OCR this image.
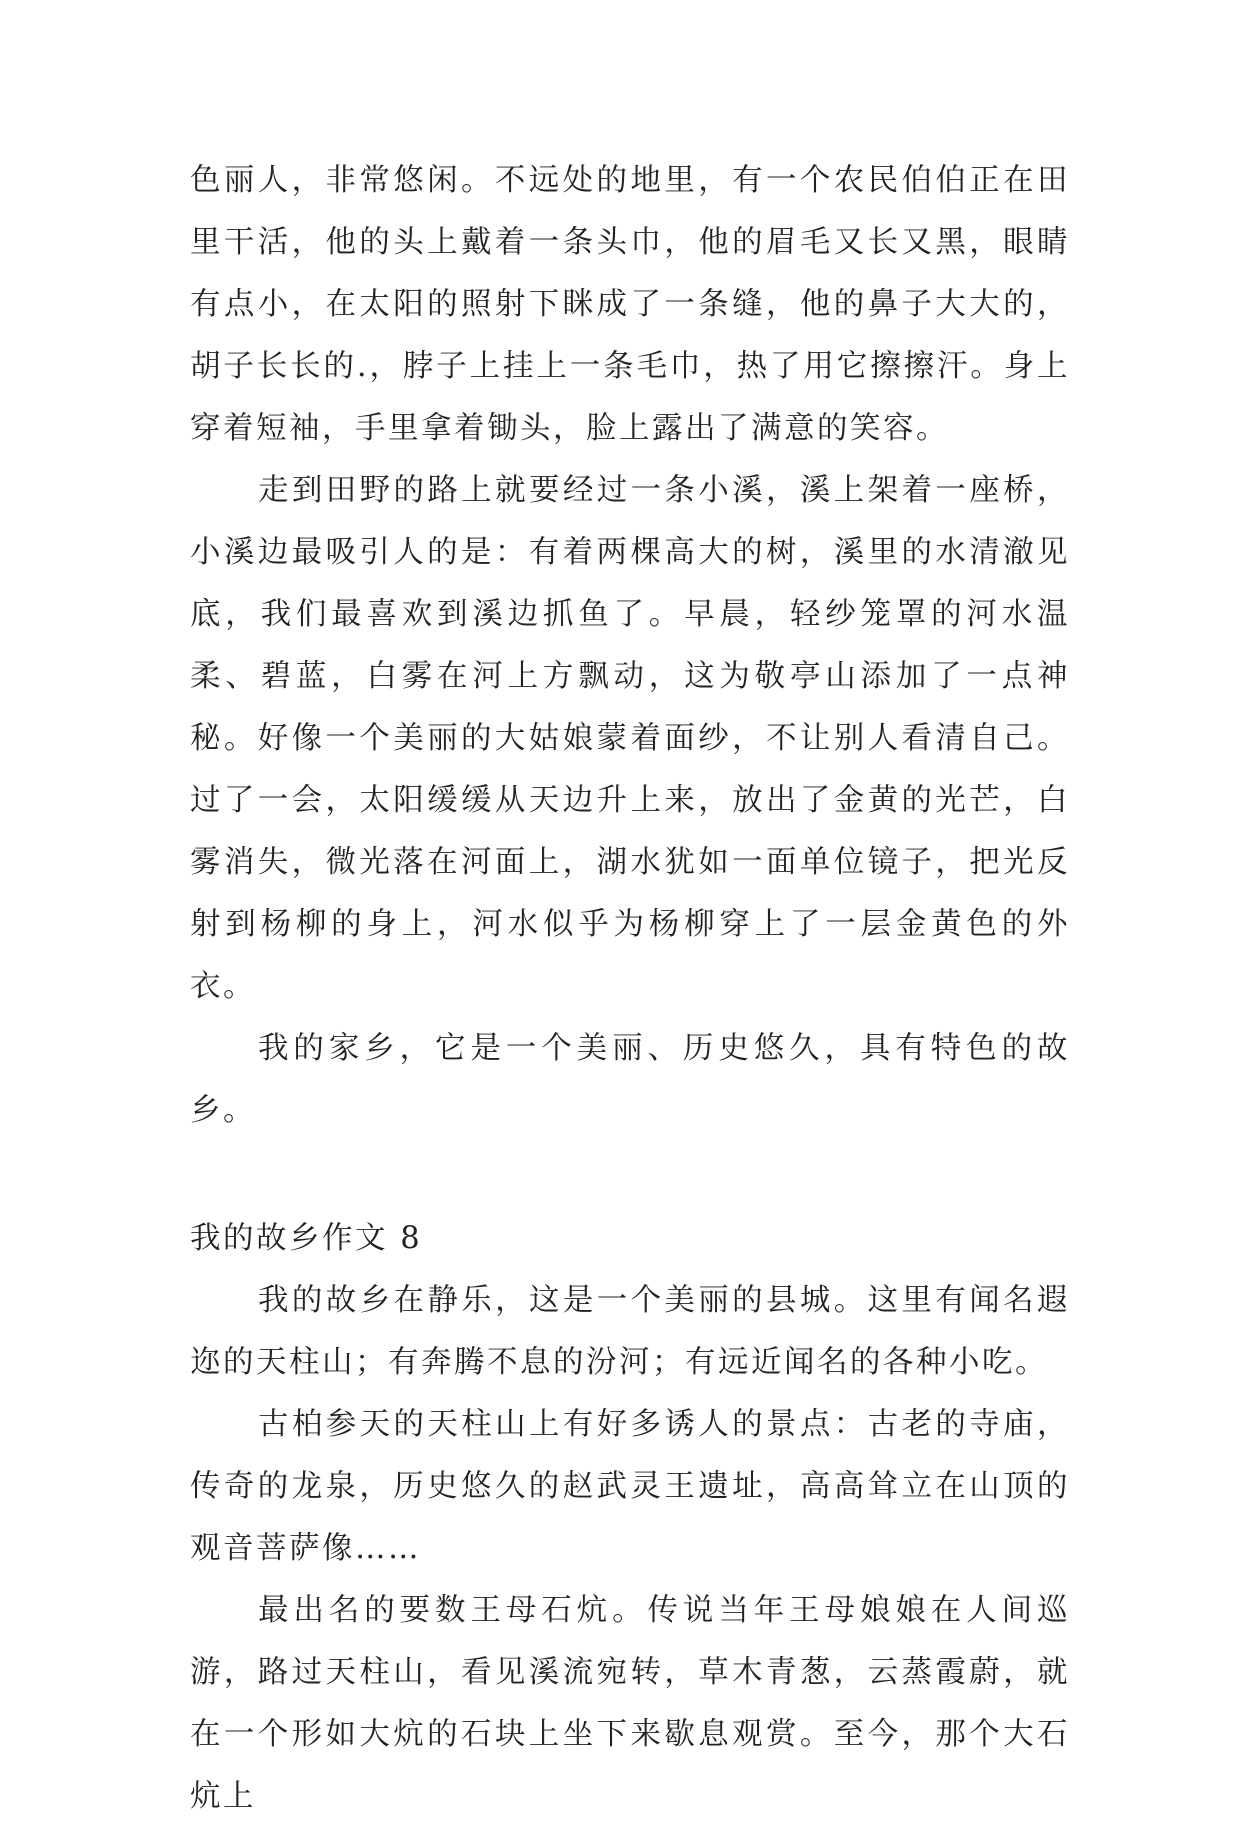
色丽人，非常悠闲。不远处的地里，有一个农民伯伯正在田里干活，他的头上戴着一条头巾，他的眉毛又长又黑，眼睛有点小，在太阳的照射下眯成了一条缝，他的鼻子大大的，胡子长长的.，脖子上挂上一条毛巾，热了用它擦擦汗。身上穿着短袖，手里拿着锄头，脸上露出了满意的笑容。

走到田野的路上就要经过一条小溪，溪上架着一座桥，小溪边最吸引人的是：有着两棵高大的树，溪里的水清澈见底，我们最喜欢到溪边抓鱼了。早晨，轻纱笼罩的河水温柔、碧蓝，白雾在河上方飘动，这为敬亭山添加了一点神秘。好像一个美丽的大姑娘蒙着面纱，不让别人看清自己。过了一会，太阳缓缓从天边升上来，放出了金黄的光芒，白雾消失，微光落在河面上，湖水犹如一面单位镜子，把光反射到杨柳的身上，河水似乎为杨柳穿上了一层金黄色的外衣。

我的家乡，它是一个美丽、历史悠久，具有特色的故乡。

我的故乡作文 8

我的故乡在静乐，这是一个美丽的县城。这里有闻名遐迩的天柱山；有奔腾不息的汾河；有远近闻名的各种小吃。

古柏参天的天柱山上有好多诱人的景点：古老的寺庙，传奇的龙泉，历史悠久的赵武灵王遗址，高高耸立在山顶的观音菩萨像……

最出名的要数王母石炕。传说当年王母娘娘在人间巡游，路过天柱山，看见溪流宛转，草木青葱，云蒸霞蔚，就在一个形如大炕的石块上坐下来歇息观赏。至今，那个大石炕上
